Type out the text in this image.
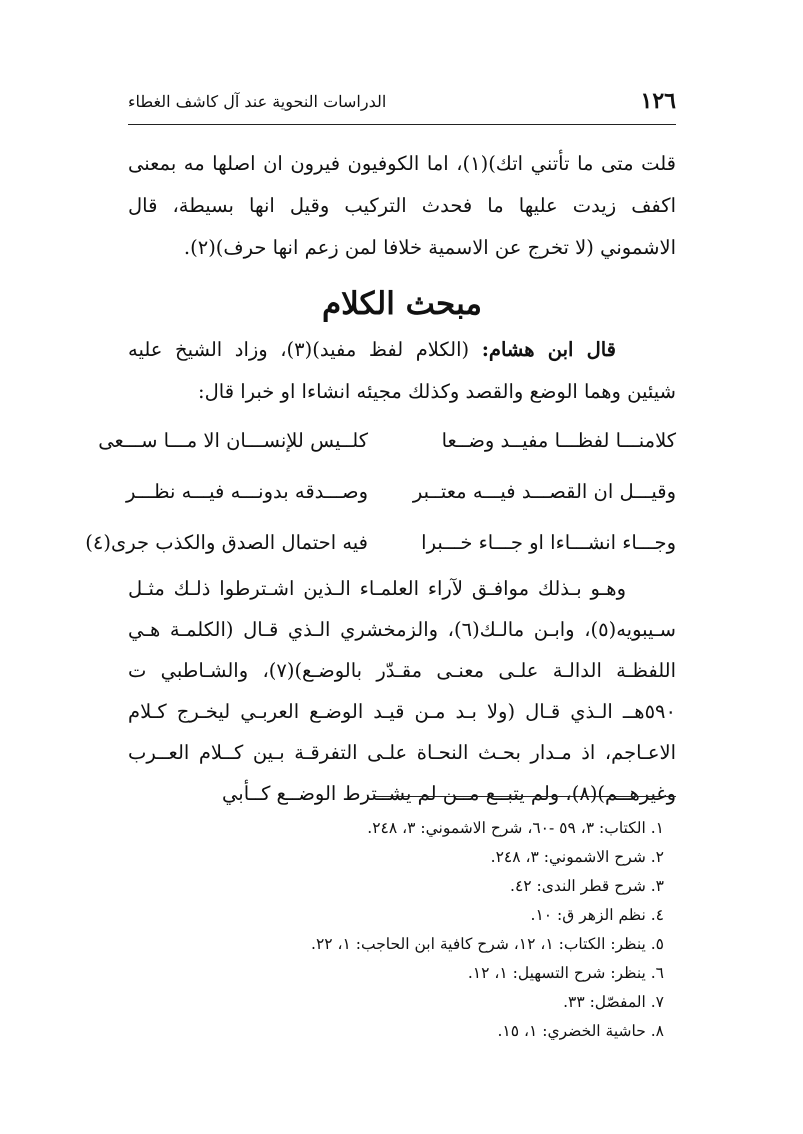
١٢٦
الدراسات النحوية عند آل كاشف الغطاء

قلت متى ما تأتني اتك)(١)، اما الكوفيون فيرون ان اصلها مه بمعنى اكفف زيدت عليها ما فحدث التركيب وقيل انها بسيطة، قال الاشموني (لا تخرج عن الاسمية خلافا لمن زعم انها حرف)(٢).

مبحث الكلام

قال ابن هشام: (الكلام لفظ مفيد)(٣)، وزاد الشيخ عليه شيئين وهما الوضع والقصد وكذلك مجيئه انشاءا او خبرا قال:

كلامنـــا لفظـــا مفيــد وضــعا
كلــيس للإنســـان الا مـــا ســـعى
وقيـــل ان القصـــد فيـــه معتــبر
وصـــدقه بدونـــه فيـــه نظـــر
وجـــاء انشـــاءا او جـــاء خـــبرا
فيه احتمال الصدق والكذب جرى(٤)

وهـو بـذلك موافـق لآراء العلمـاء الـذين اشـترطوا ذلـك مثـل سـيبويه(٥)، وابـن مالـك(٦)، والزمخشري الـذي قـال (الكلمـة هـي اللفظـة الدالـة علـى معنـى مقـدّر بالوضـع)(٧)، والشـاطبي ت ٥٩٠هــ الـذي قـال (ولا بـد مـن قيـد الوضـع العربـي ليخـرج كـلام الاعـاجم، اذ مـدار بحـث النحـاة علـى التفرقـة بـين كــلام العــرب وغيرهــم)(٨)، ولم يتبــع مــن لم يشــترط الوضــع كــأبي

١. الكتاب: ٣، ٥٩ -٦٠، شرح الاشموني: ٣، ٢٤٨.
٢. شرح الاشموني: ٣، ٢٤٨.
٣. شرح قطر الندى: ٤٢.
٤. نظم الزهر ق: ١٠.
٥. ينظر: الكتاب: ١، ١٢، شرح كافية ابن الحاجب: ١، ٢٢.
٦. ينظر: شرح التسهيل: ١، ١٢.
٧. المفصّل: ٣٣.
٨. حاشية الخضري: ١، ١٥.
